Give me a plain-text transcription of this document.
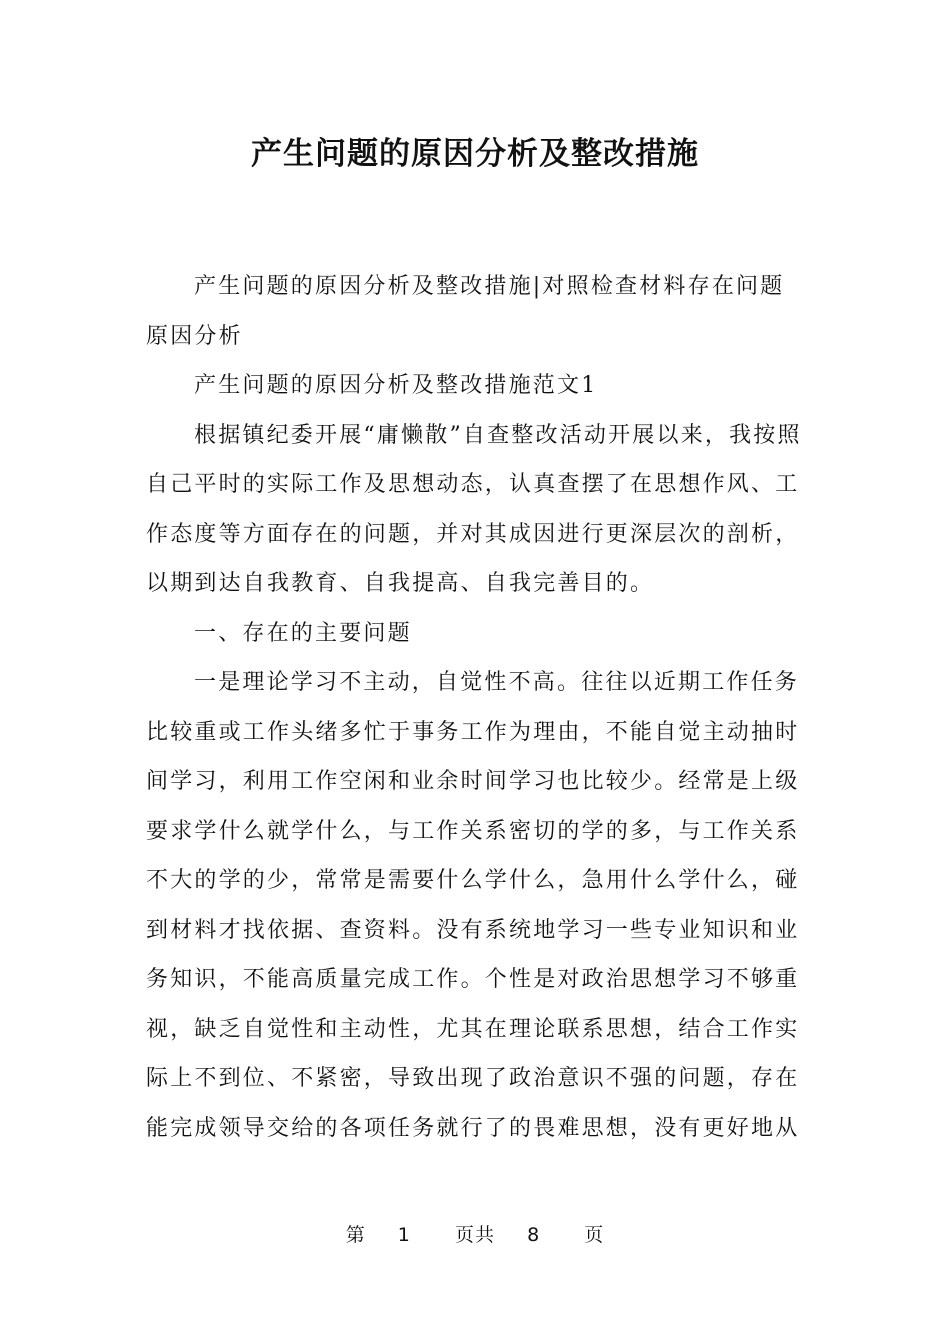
产生问题的原因分析及整改措施

产生问题的原因分析及整改措施|对照检查材料存在问题原因分析

产生问题的原因分析及整改措施范文1

根据镇纪委开展“庸懒散”自查整改活动开展以来，我按照自己平时的实际工作及思想动态，认真查摆了在思想作风、工作态度等方面存在的问题，并对其成因进行更深层次的剖析，以期到达自我教育、自我提高、自我完善目的。

一、存在的主要问题

一是理论学习不主动，自觉性不高。往往以近期工作任务比较重或工作头绪多忙于事务工作为理由，不能自觉主动抽时间学习，利用工作空闲和业余时间学习也比较少。经常是上级要求学什么就学什么，与工作关系密切的学的多，与工作关系不大的学的少，常常是需要什么学什么，急用什么学什么，碰到材料才找依据、查资料。没有系统地学习一些专业知识和业务知识，不能高质量完成工作。个性是对政治思想学习不够重视，缺乏自觉性和主动性，尤其在理论联系思想，结合工作实际上不到位、不紧密，导致出现了政治意识不强的问题，存在能完成领导交给的各项任务就行了的畏难思想，没有更好地从

第 1 页共 8 页
